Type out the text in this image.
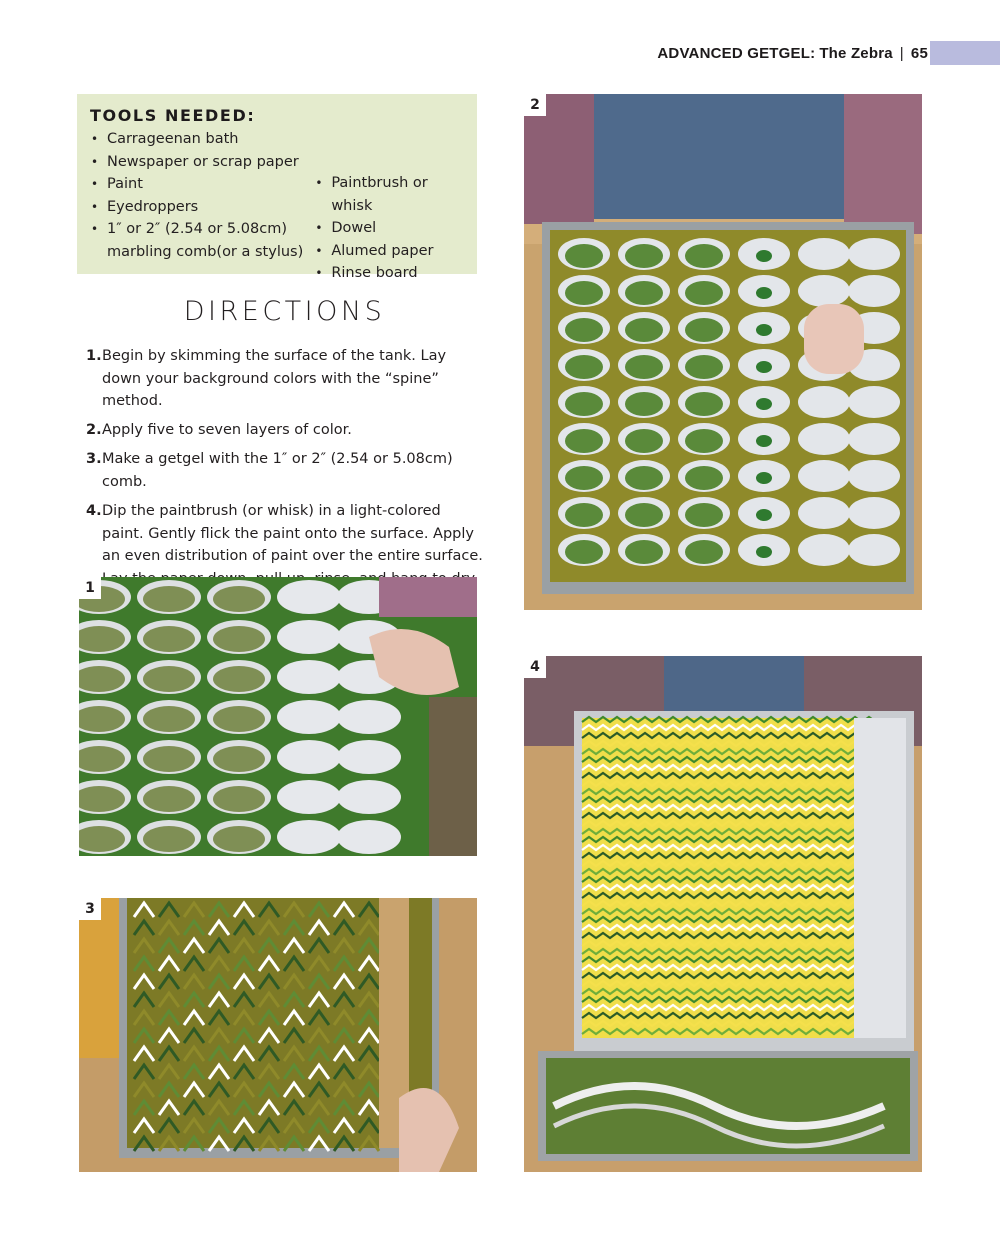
ADVANCED GETGEL: The Zebra | 65
TOOLS NEEDED:
• Carrageenan bath
• Newspaper or scrap paper
• Paint
• Eyedroppers
• 1″ or 2″ (2.54 or 5.08cm) marbling comb(or a stylus)
• Paintbrush or whisk
• Dowel
• Alumed paper
• Rinse board
DIRECTIONS
1. Begin by skimming the surface of the tank. Lay down your background colors with the “spine” method.
2. Apply five to seven layers of color.
3. Make a getgel with the 1″ or 2″ (2.54 or 5.08cm) comb.
4. Dip the paintbrush (or whisk) in a light-colored paint. Gently flick the paint onto the surface. Apply an even distribution of paint over the entire surface.
2
1
4
3
